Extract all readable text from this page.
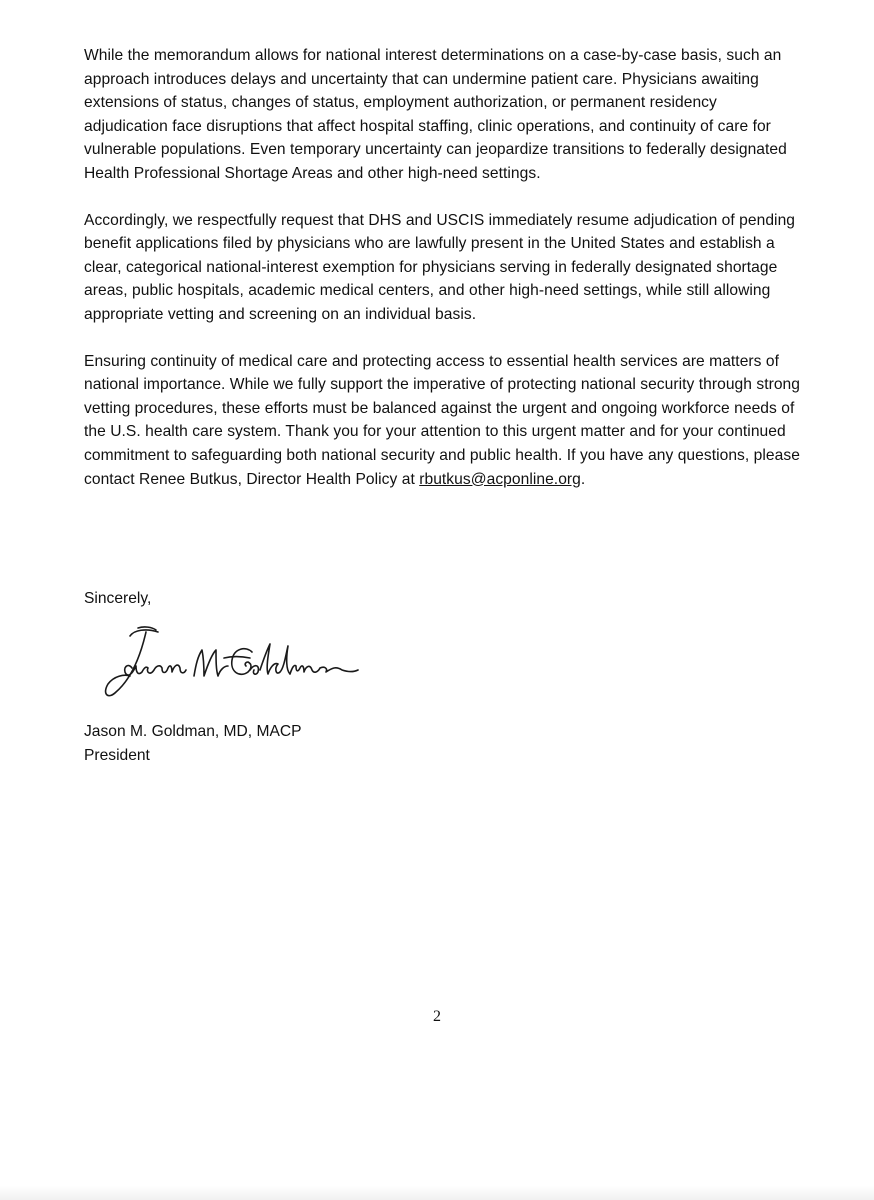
While the memorandum allows for national interest determinations on a case-by-case basis, such an approach introduces delays and uncertainty that can undermine patient care. Physicians awaiting extensions of status, changes of status, employment authorization, or permanent residency adjudication face disruptions that affect hospital staffing, clinic operations, and continuity of care for vulnerable populations. Even temporary uncertainty can jeopardize transitions to federally designated Health Professional Shortage Areas and other high-need settings.

Accordingly, we respectfully request that DHS and USCIS immediately resume adjudication of pending benefit applications filed by physicians who are lawfully present in the United States and establish a clear, categorical national-interest exemption for physicians serving in federally designated shortage areas, public hospitals, academic medical centers, and other high-need settings, while still allowing appropriate vetting and screening on an individual basis.

Ensuring continuity of medical care and protecting access to essential health services are matters of national importance. While we fully support the imperative of protecting national security through strong vetting procedures, these efforts must be balanced against the urgent and ongoing workforce needs of the U.S. health care system. Thank you for your attention to this urgent matter and for your continued commitment to safeguarding both national security and public health. If you have any questions, please contact Renee Butkus, Director Health Policy at rbutkus@acponline.org.

Sincerely,

Jason M. Goldman, MD, MACP
President
2
